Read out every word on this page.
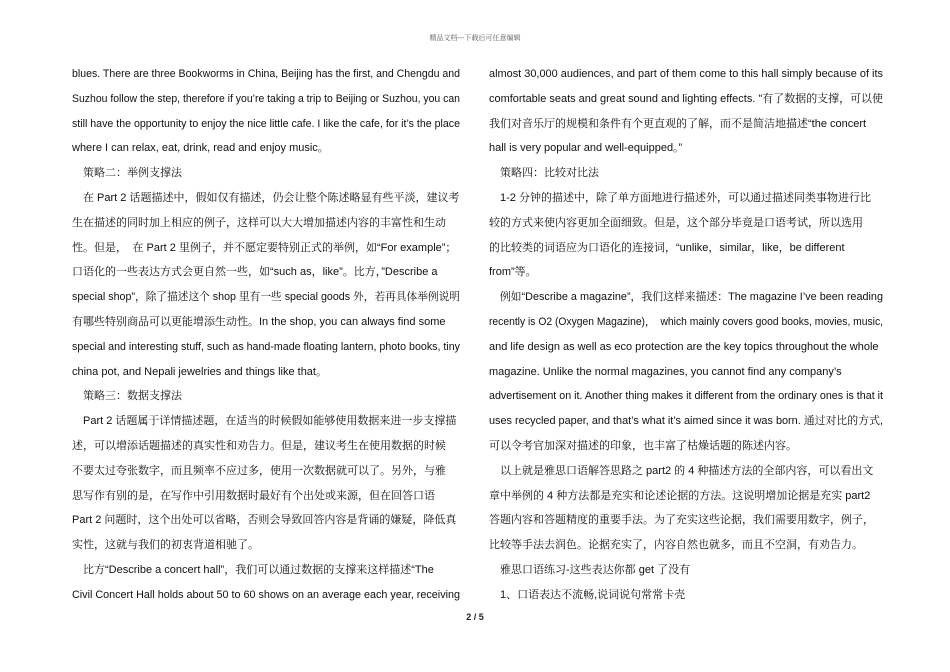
精品文档---下载后可任意编辑
blues. There are three Bookworms in China, Beijing has the first, and Chengdu and
Suzhou follow the step, therefore if you’re taking a trip to Beijing or Suzhou, you can
still have the opportunity to enjoy the nice little cafe. I like the cafe, for it’s the place
where I can relax, eat, drink, read and enjoy music。
　策略二：举例支撑法
　在 Part 2 话题描述中，假如仅有描述，仍会让整个陈述略显有些平淡，建议考
生在描述的同时加上相应的例子，这样可以大大增加描述内容的丰富性和生动
性。但是，　在 Part 2 里例子，并不愿定要特别正式的举例，如“For example”；
口语化的一些表达方式会更自然一些，如“such as，like”。比方，”Describe a
special shop”，除了描述这个 shop 里有一些 special goods 外，若再具体举例说明
有哪些特别商品可以更能增添生动性。In the shop, you can always find some
special and interesting stuff, such as hand-made floating lantern, photo books, tiny
china pot, and Nepali jewelries and things like that。
　策略三：数据支撑法
　Part 2 话题属于详情描述题，在适当的时候假如能够使用数据来进一步支撑描
述，可以增添话题描述的真实性和劝告力。但是，建议考生在使用数据的时候
不要太过夸张数字，而且频率不应过多，使用一次数据就可以了。另外，与雅
思写作有别的是，在写作中引用数据时最好有个出处或来源，但在回答口语
Part 2 问题时，这个出处可以省略，否则会导致回答内容是背诵的嫌疑，降低真
实性，这就与我们的初衷背道相驰了。
　比方“Describe a concert hall”，我们可以通过数据的支撑来这样描述“The
Civil Concert Hall holds about 50 to 60 shows on an average each year, receiving
almost 30,000 audiences, and part of them come to this hall simply because of its
comfortable seats and great sound and lighting effects. "有了数据的支撑，可以使
我们对音乐厅的规模和条件有个更直观的了解，而不是简洁地描述“the concert
hall is very popular and well-equipped。”
　策略四：比较对比法
　1-2 分钟的描述中，除了单方面地进行描述外，可以通过描述同类事物进行比
较的方式来使内容更加全面细致。但是，这个部分毕竟是口语考试，所以选用
的比较类的词语应为口语化的连接词，“unlike，similar，like，be different
from”等。
　例如“Describe a magazine”，我们这样来描述：The magazine I’ve been reading
recently is O2 (Oxygen Magazine)，　which mainly covers good books, movies, music,
and life design as well as eco protection are the key topics throughout the whole
magazine. Unlike the normal magazines, you cannot find any company’s
advertisement on it. Another thing makes it different from the ordinary ones is that it
uses recycled paper, and that’s what it’s aimed since it was born. 通过对比的方式,
可以令考官加深对描述的印象，也丰富了枯燥话题的陈述内容。
　以上就是雅思口语解答思路之 part2 的 4 种描述方法的全部内容，可以看出文
章中举例的 4 种方法都是充实和论述论据的方法。这说明增加论据是充实 part2
答题内容和答题精度的重要手法。为了充实这些论据，我们需要用数字，例子，
比较等手法去润色。论据充实了，内容自然也就多，而且不空洞，有劝告力。
　雅思口语练习-这些表达你都 get 了没有
　1、口语表达不流畅,说词说句常常卡壳
2 / 5
